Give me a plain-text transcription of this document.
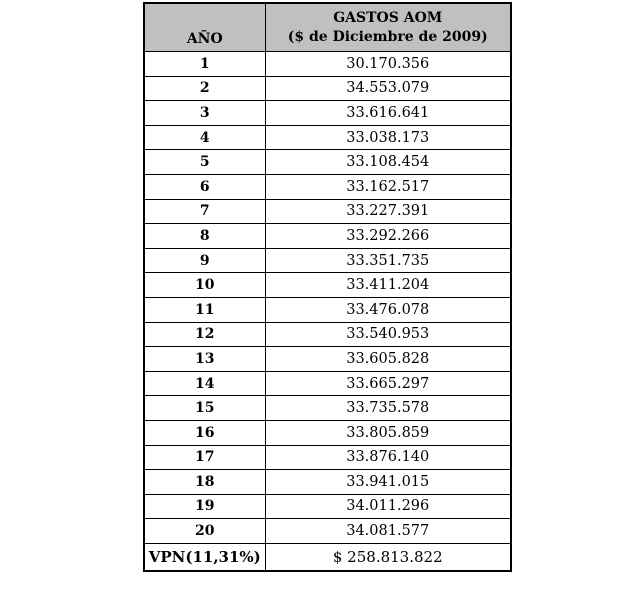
AÑO	GASTOS AOM
($ de Diciembre de 2009)

1	30.170.356
2	34.553.079
3	33.616.641
4	33.038.173
5	33.108.454
6	33.162.517
7	33.227.391
8	33.292.266
9	33.351.735
10	33.411.204
11	33.476.078
12	33.540.953
13	33.605.828
14	33.665.297
15	33.735.578
16	33.805.859
17	33.876.140
18	33.941.015
19	34.011.296
20	34.081.577
VPN(11,31%)	$ 258.813.822
